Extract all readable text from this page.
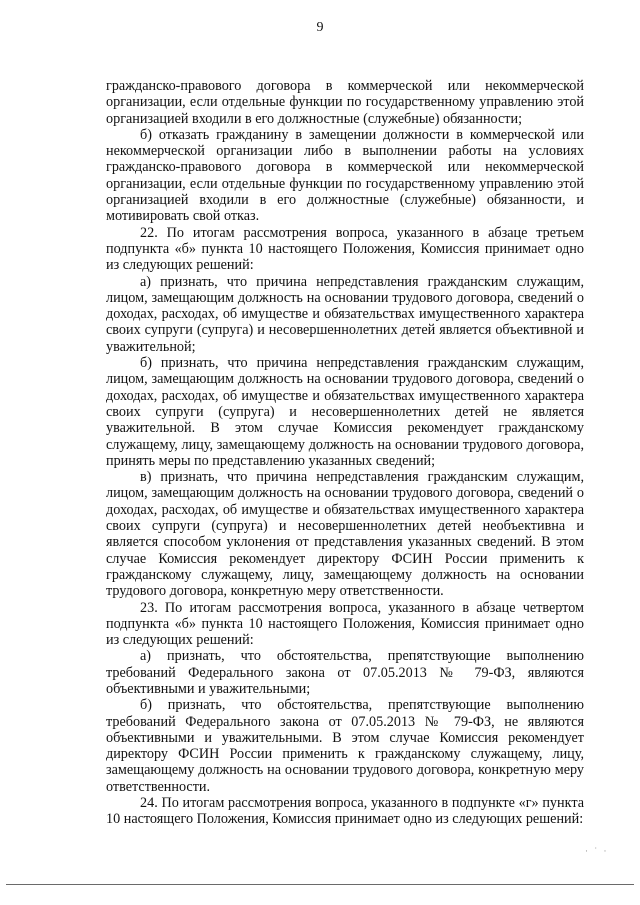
9

гражданско-правового договора в коммерческой или некоммерческой организации, если отдельные функции по государственному управлению этой организацией входили в его должностные (служебные) обязанности;

б) отказать гражданину в замещении должности в коммерческой или некоммерческой организации либо в выполнении работы на условиях гражданско-правового договора в коммерческой или некоммерческой организации, если отдельные функции по государственному управлению этой организацией входили в его должностные (служебные) обязанности, и мотивировать свой отказ.

22. По итогам рассмотрения вопроса, указанного в абзаце третьем подпункта «б» пункта 10 настоящего Положения, Комиссия принимает одно из следующих решений:

а) признать, что причина непредставления гражданским служащим, лицом, замещающим должность на основании трудового договора, сведений о доходах, расходах, об имуществе и обязательствах имущественного характера своих супруги (супруга) и несовершеннолетних детей является объективной и уважительной;

б) признать, что причина непредставления гражданским служащим, лицом, замещающим должность на основании трудового договора, сведений о доходах, расходах, об имуществе и обязательствах имущественного характера своих супруги (супруга) и несовершеннолетних детей не является уважительной. В этом случае Комиссия рекомендует гражданскому служащему, лицу, замещающему должность на основании трудового договора, принять меры по представлению указанных сведений;

в) признать, что причина непредставления гражданским служащим, лицом, замещающим должность на основании трудового договора, сведений о доходах, расходах, об имуществе и обязательствах имущественного характера своих супруги (супруга) и несовершеннолетних детей необъективна и является способом уклонения от представления указанных сведений. В этом случае Комиссия рекомендует директору ФСИН России применить к гражданскому служащему, лицу, замещающему должность на основании трудового договора, конкретную меру ответственности.

23. По итогам рассмотрения вопроса, указанного в абзаце четвертом подпункта «б» пункта 10 настоящего Положения, Комиссия принимает одно из следующих решений:

а) признать, что обстоятельства, препятствующие выполнению требований Федерального закона от 07.05.2013 № 79-ФЗ, являются объективными и уважительными;

б) признать, что обстоятельства, препятствующие выполнению требований Федерального закона от 07.05.2013 № 79-ФЗ, не являются объективными и уважительными. В этом случае Комиссия рекомендует директору ФСИН России применить к гражданскому служащему, лицу, замещающему должность на основании трудового договора, конкретную меру ответственности.

24. По итогам рассмотрения вопроса, указанного в подпункте «г» пункта 10 настоящего Положения, Комиссия принимает одно из следующих решений:

· ˙ ·
